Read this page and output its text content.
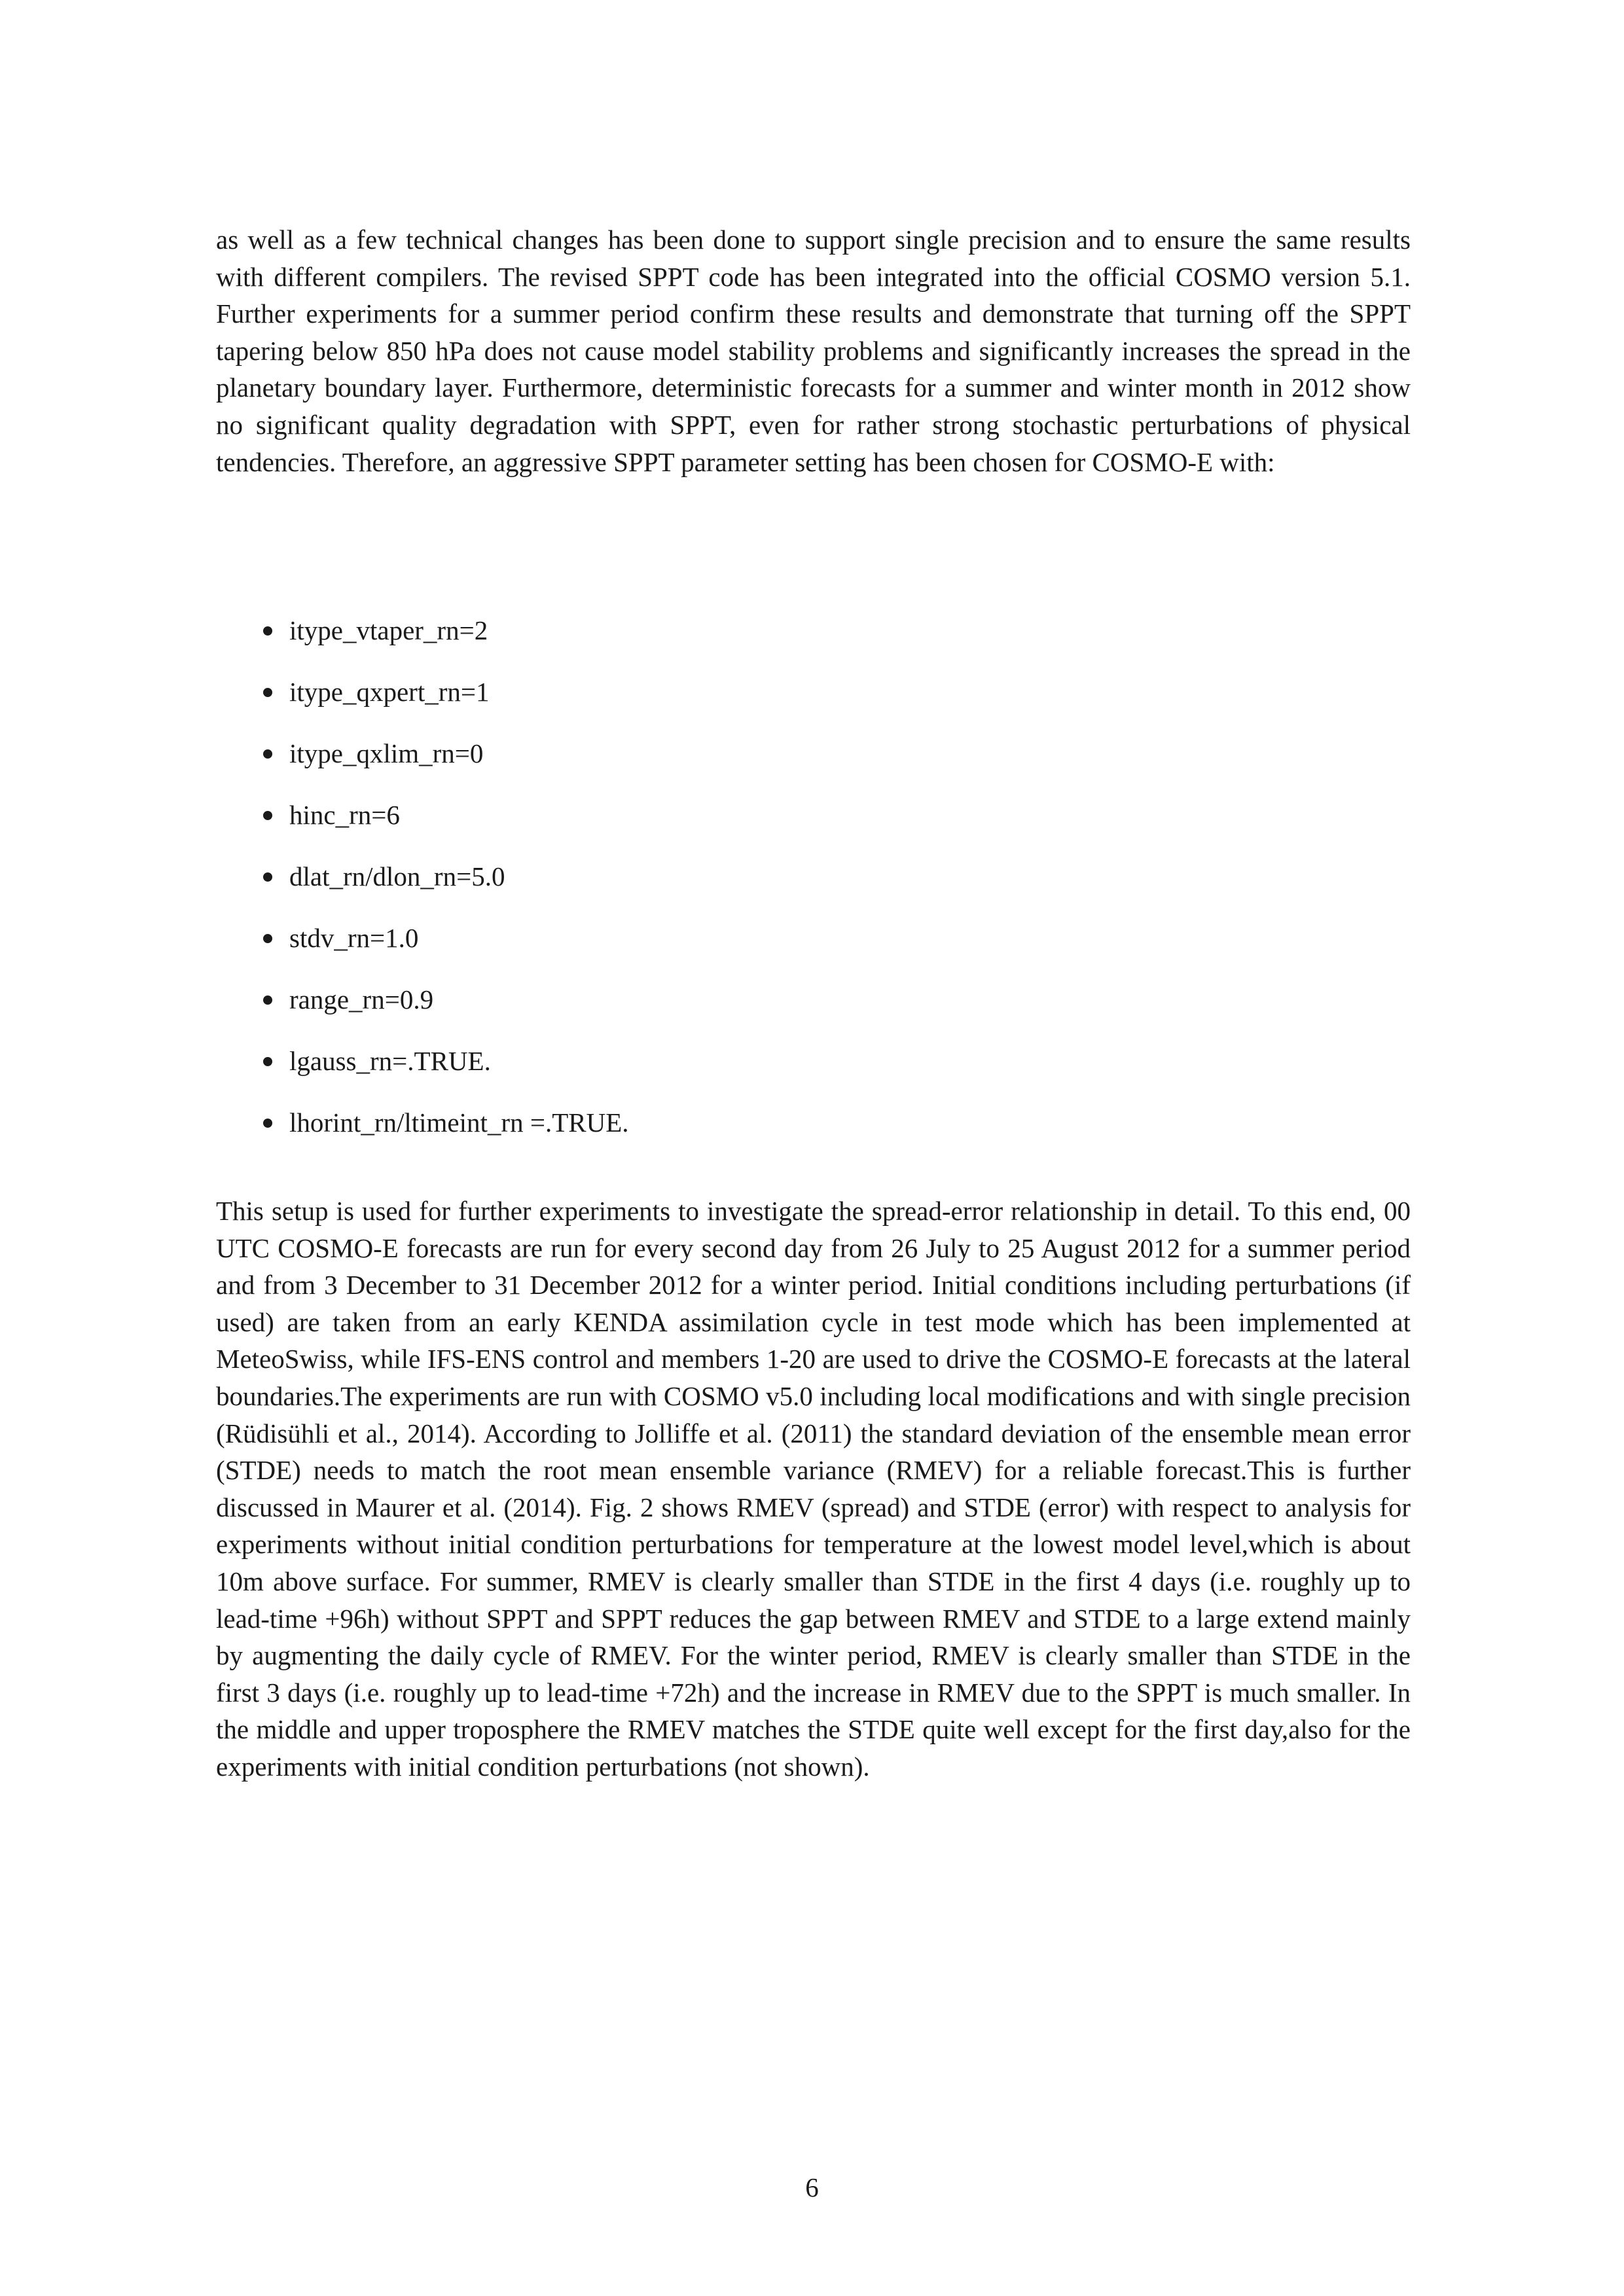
as well as a few technical changes has been done to support single precision and to ensure the same results with different compilers. The revised SPPT code has been integrated into the official COSMO version 5.1. Further experiments for a summer period confirm these results and demonstrate that turning off the SPPT tapering below 850 hPa does not cause model stability problems and significantly increases the spread in the planetary boundary layer. Furthermore, deterministic forecasts for a summer and winter month in 2012 show no significant quality degradation with SPPT, even for rather strong stochastic perturbations of physical tendencies. Therefore, an aggressive SPPT parameter setting has been chosen for COSMO-E with:

itype_vtaper_rn=2
itype_qxpert_rn=1
itype_qxlim_rn=0
hinc_rn=6
dlat_rn/dlon_rn=5.0
stdv_rn=1.0
range_rn=0.9
lgauss_rn=.TRUE.
lhorint_rn/ltimeint_rn =.TRUE.

This setup is used for further experiments to investigate the spread-error relationship in detail. To this end, 00 UTC COSMO-E forecasts are run for every second day from 26 July to 25 August 2012 for a summer period and from 3 December to 31 December 2012 for a winter period. Initial conditions including perturbations (if used) are taken from an early KENDA assimilation cycle in test mode which has been implemented at MeteoSwiss, while IFS-ENS control and members 1-20 are used to drive the COSMO-E forecasts at the lateral boundaries.The experiments are run with COSMO v5.0 including local modifications and with single precision (Rüdisühli et al., 2014). According to Jolliffe et al. (2011) the standard deviation of the ensemble mean error (STDE) needs to match the root mean ensemble variance (RMEV) for a reliable forecast.This is further discussed in Maurer et al. (2014). Fig. 2 shows RMEV (spread) and STDE (error) with respect to analysis for experiments without initial condition perturbations for temperature at the lowest model level,which is about 10m above surface. For summer, RMEV is clearly smaller than STDE in the first 4 days (i.e. roughly up to lead-time +96h) without SPPT and SPPT reduces the gap between RMEV and STDE to a large extend mainly by augmenting the daily cycle of RMEV. For the winter period, RMEV is clearly smaller than STDE in the first 3 days (i.e. roughly up to lead-time +72h) and the increase in RMEV due to the SPPT is much smaller. In the middle and upper troposphere the RMEV matches the STDE quite well except for the first day,also for the experiments with initial condition perturbations (not shown).

6
